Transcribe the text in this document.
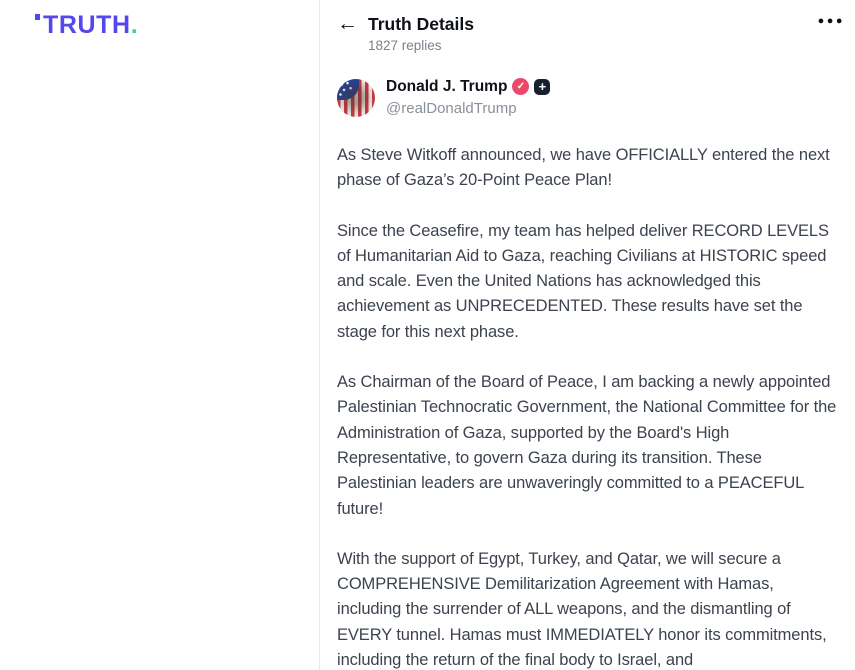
TRUTH .	← Truth Details
1827 replies
●●●
Donald J. Trump ✓ +
@realDonaldTrump

As Steve Witkoff announced, we have OFFICIALLY entered the next phase of Gaza’s 20-Point Peace Plan!

Since the Ceasefire, my team has helped deliver RECORD LEVELS of Humanitarian Aid to Gaza, reaching Civilians at HISTORIC speed and scale. Even the United Nations has acknowledged this achievement as UNPRECEDENTED. These results have set the stage for this next phase.

As Chairman of the Board of Peace, I am backing a newly appointed Palestinian Technocratic Government, the National Committee for the Administration of Gaza, supported by the Board's High Representative, to govern Gaza during its transition. These Palestinian leaders are unwaveringly committed to a PEACEFUL future!

With the support of Egypt, Turkey, and Qatar, we will secure a COMPREHENSIVE Demilitarization Agreement with Hamas, including the surrender of ALL weapons, and the dismantling of EVERY tunnel. Hamas must IMMEDIATELY honor its commitments, including the return of the final body to Israel, and
